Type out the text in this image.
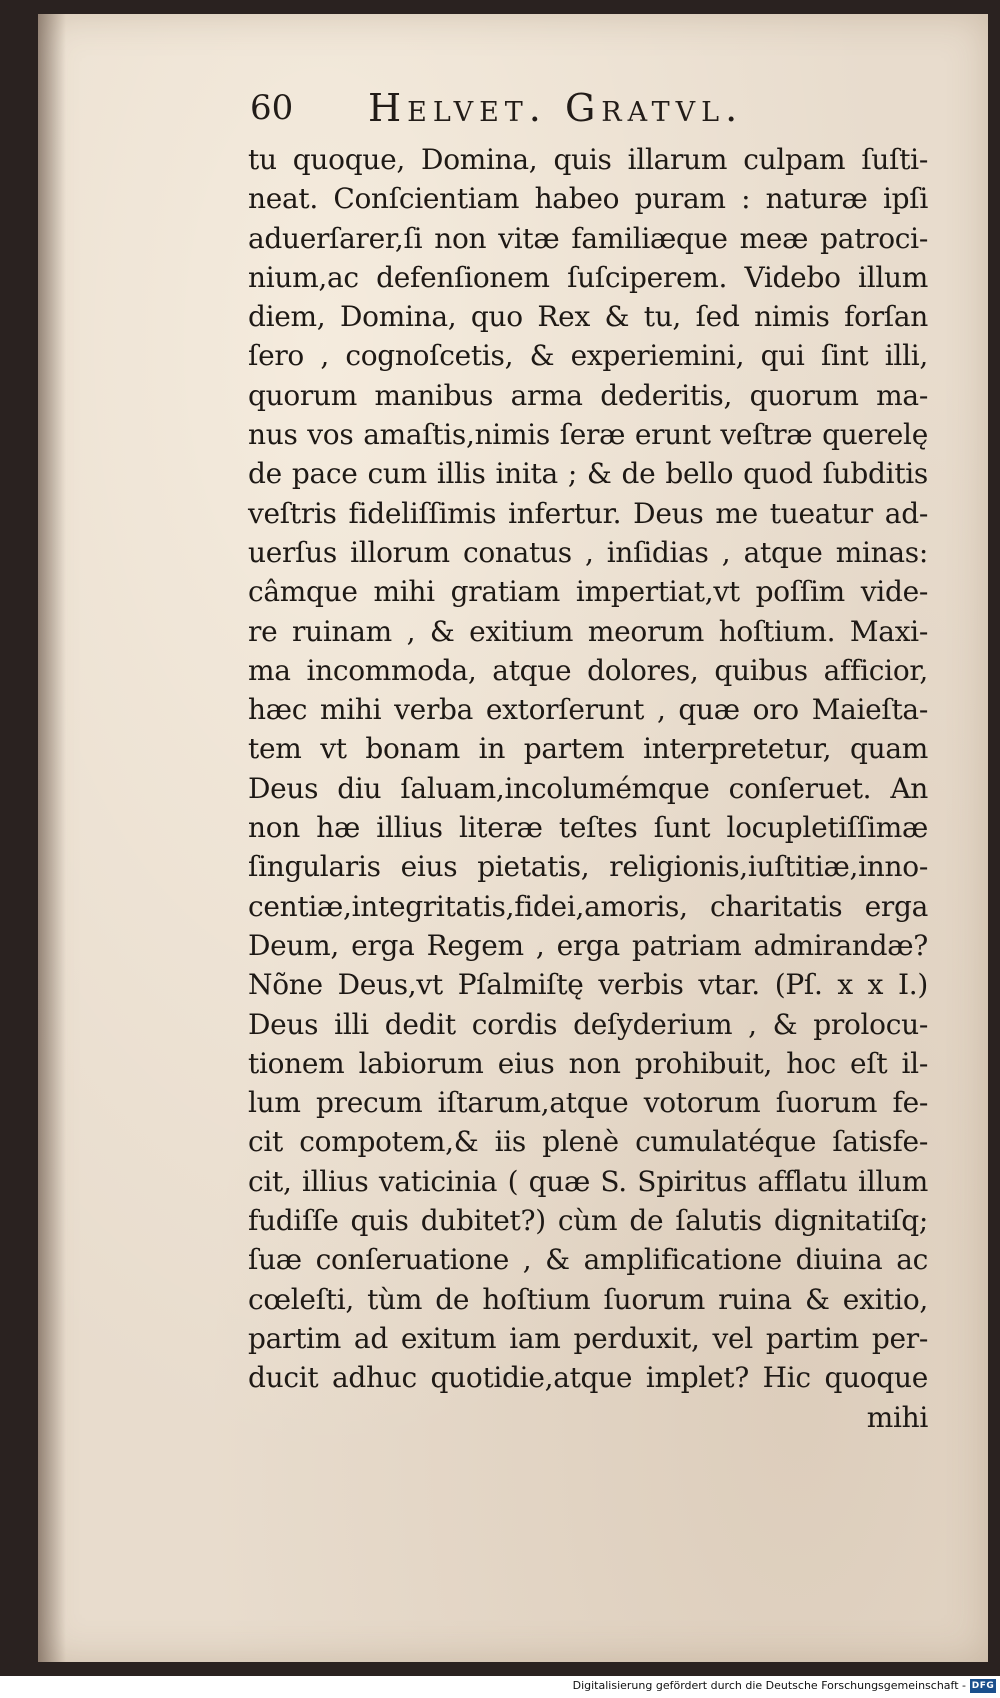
60 Helvet. Gratvl.
tu quoque, Domina, quis illarum culpam ſuſti-
neat. Conſcientiam habeo puram : naturæ ipſi
aduerſarer,ſi non vitæ familiæque meæ patroci-
nium,ac defenſionem ſuſciperem. Videbo illum
diem, Domina, quo Rex & tu, ſed nimis forſan
ſero , cognoſcetis, & experiemini, qui ſint illi,
quorum manibus arma dederitis, quorum ma-
nus vos amaſtis,nimis ſeræ erunt veſtræ querelę
de pace cum illis inita ; & de bello quod ſubditis
veſtris fideliſſimis infertur. Deus me tueatur ad-
uerſus illorum conatus , inſidias , atque minas:
câmque mihi gratiam impertiat,vt poſſim vide-
re ruinam , & exitium meorum hoſtium. Maxi-
ma incommoda, atque dolores, quibus afficior,
hæc mihi verba extorſerunt , quæ oro Maieſta-
tem vt bonam in partem interpretetur, quam
Deus diu ſaluam,incolumémque conſeruet. An
non hæ illius literæ teſtes ſunt locupletiſſimæ
ſingularis eius pietatis, religionis,iuſtitiæ,inno-
centiæ,integritatis,fidei,amoris, charitatis erga
Deum, erga Regem , erga patriam admirandæ?
Nõne Deus,vt Pſalmiſtę verbis vtar. (Pſ. x x I.)
Deus illi dedit cordis deſyderium , & prolocu-
tionem labiorum eius non prohibuit, hoc eſt il-
lum precum iſtarum,atque votorum ſuorum fe-
cit compotem,& iis plenè cumulatéque ſatisfe-
cit, illius vaticinia ( quæ S. Spiritus afflatu illum
fudiſſe quis dubitet?) cùm de ſalutis dignitatiſq;
ſuæ conſeruatione , & amplificatione diuina ac
cœleſti, tùm de hoſtium ſuorum ruina & exitio,
partim ad exitum iam perduxit, vel partim per-
ducit adhuc quotidie,atque implet? Hic quoque
mihi
Digitalisierung gefördert durch die Deutsche Forschungsgemeinschaft - DFG
